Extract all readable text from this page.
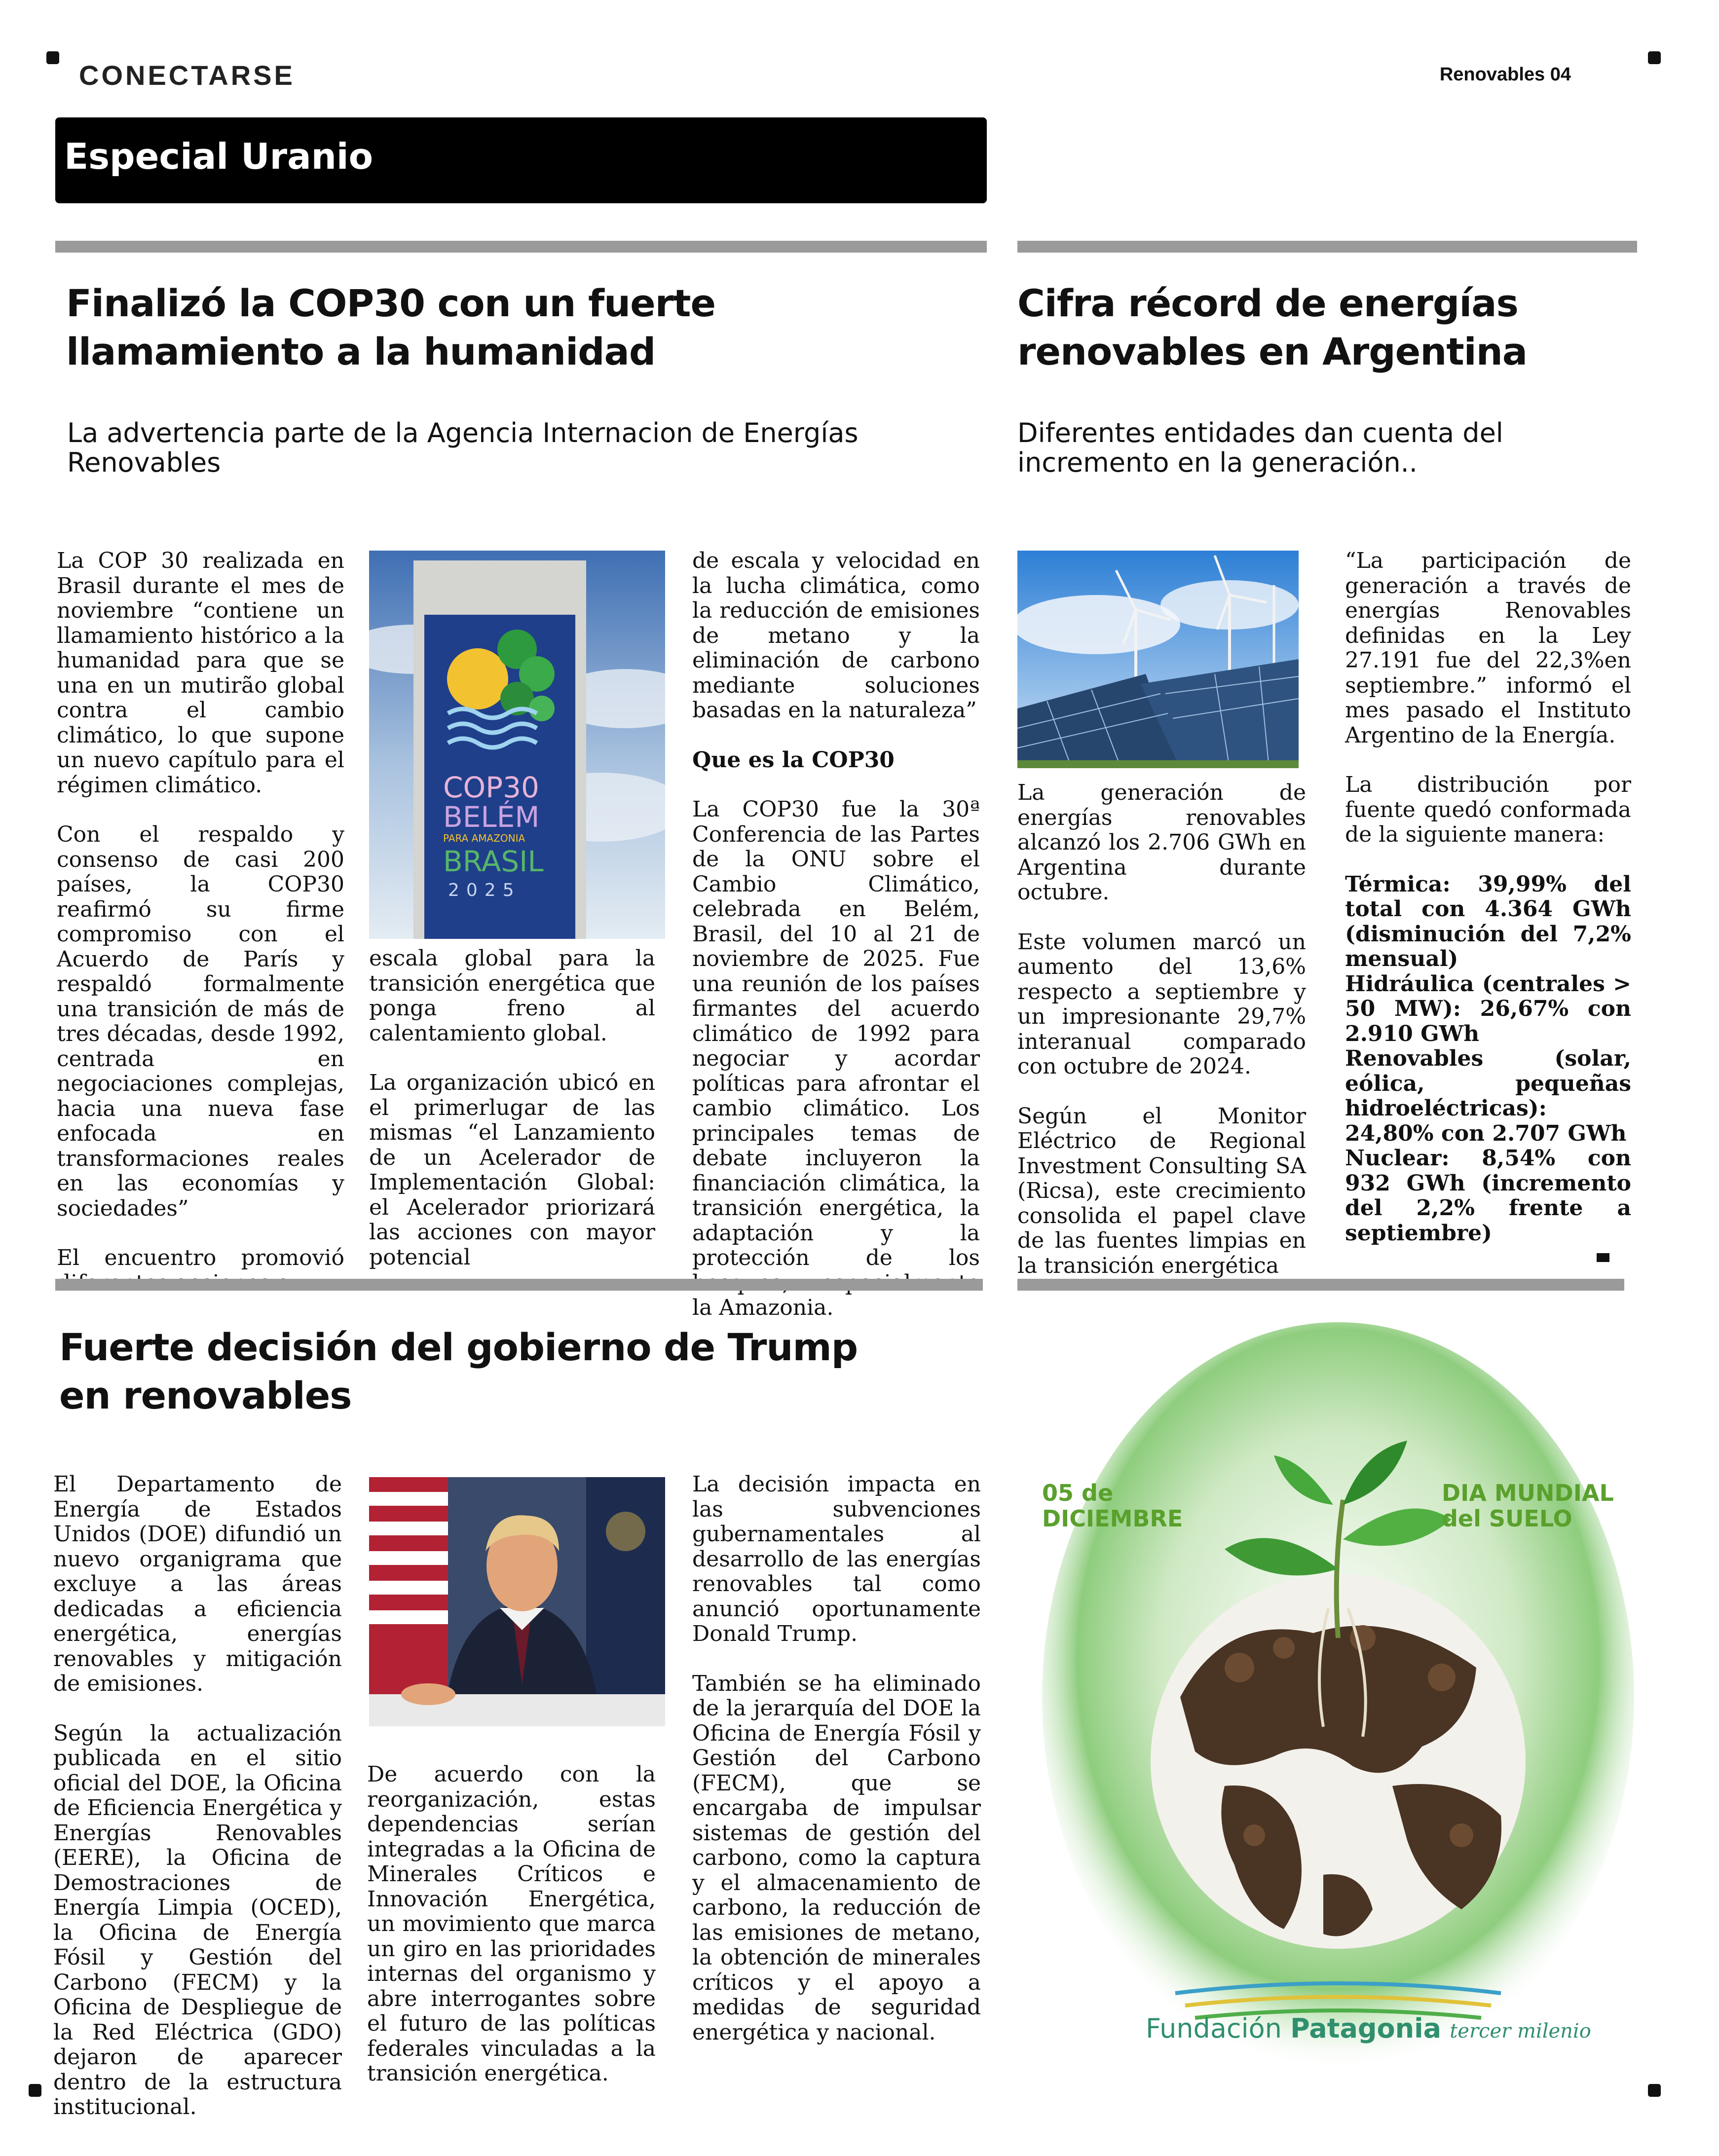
CONECTARSE	Renovables 04
Especial Uranio
Finalizó la COP30 con un fuerte llamamiento a la humanidad
La advertencia parte de la Agencia Internacion de Energías Renovables

La COP 30 realizada en Brasil durante el mes de noviembre “contiene un llamamiento histórico a la humanidad para que se una en un mutirão global contra el cambio climático, lo que supone un nuevo capítulo para el régimen climático.

Con el respaldo y consenso de casi 200 países, la COP30 reafirmó su firme compromiso con el Acuerdo de París y respaldó formalmente una transición de más de tres décadas, desde 1992, centrada en negociaciones complejas, hacia una nueva fase enfocada en transformaciones reales en las economías y sociedades”

El encuentro promovió

COP30
BELÉM
PARA AMAZONIA
BRASIL
2025

escala global para la transición energética que ponga freno al calentamiento global.

La organización ubicó en el primerlugar de las mismas “el Lanzamiento de un Acelerador de Implementación Global: el Acelerador priorizará las acciones con mayor potencial

de escala y velocidad en la lucha climática, como la reducción de emisiones de metano y la eliminación de carbono mediante soluciones basadas en la naturaleza”

Que es la COP30

La COP30 fue la 30ª Conferencia de las Partes de la ONU sobre el Cambio Climático, celebrada en Belém, Brasil, del 10 al 21 de noviembre de 2025. Fue una reunión de los países firmantes del acuerdo climático de 1992 para negociar y acordar políticas para afrontar el cambio climático. Los principales temas de debate incluyeron la financiación climática, la transición energética, la adaptación y la protección de los la Amazonia.

Cifra récord de energías renovables en Argentina
Diferentes entidades dan cuenta del incremento en la generación..

La generación de energías renovables alcanzó los 2.706 GWh en Argentina durante octubre.

Este volumen marcó un aumento del 13,6% respecto a septiembre y un impresionante 29,7% interanual comparado con octubre de 2024.

Según el Monitor Eléctrico de Regional Investment Consulting SA (Ricsa), este crecimiento consolida el papel clave de las fuentes limpias en la transición energética

“La participación de generación a través de energías Renovables definidas en la Ley 27.191 fue del 22,3%en septiembre.” informó el mes pasado el Instituto Argentino de la Energía.

La distribución por fuente quedó conformada de la siguiente manera:

Térmica: 39,99% del total con 4.364 GWh (disminución del 7,2% mensual)

Hidráulica (centrales > 50 MW): 26,67% con 2.910 GWh

Renovables (solar, eólica, pequeñas hidroeléctricas): 24,80% con 2.707 GWh

Nuclear: 8,54% con 932 GWh (incremento del 2,2% frente a septiembre)

Fuerte decisión del gobierno de Trump en renovables

El Departamento de Energía de Estados Unidos (DOE) difundió un nuevo organigrama que excluye a las áreas dedicadas a eficiencia energética, energías renovables y mitigación de emisiones.

Según la actualización publicada en el sitio oficial del DOE, la Oficina de Eficiencia Energética y Energías Renovables (EERE), la Oficina de Demostraciones de Energía Limpia (OCED), la Oficina de Energía Fósil y Gestión del Carbono (FECM) y la Oficina de Despliegue de la Red Eléctrica (GDO) dejaron de aparecer dentro de la estructura institucional.

De acuerdo con la reorganización, estas dependencias serían integradas a la Oficina de Minerales Críticos e Innovación Energética, un movimiento que marca un giro en las prioridades internas del organismo y abre interrogantes sobre el futuro de las políticas federales vinculadas a la transición energética.

La decisión impacta en las subvenciones gubernamentales al desarrollo de las energías renovables tal como anunció oportunamente Donald Trump.

También se ha eliminado de la jerarquía del DOE la Oficina de Energía Fósil y Gestión del Carbono (FECM), que se encargaba de impulsar sistemas de gestión del carbono, como la captura y el almacenamiento de carbono, la reducción de las emisiones de metano, la obtención de minerales críticos y el apoyo a medidas de seguridad energética y nacional.

05 de DICIEMBRE
DIA MUNDIAL del SUELO
Fundación Patagonia tercer milenio
